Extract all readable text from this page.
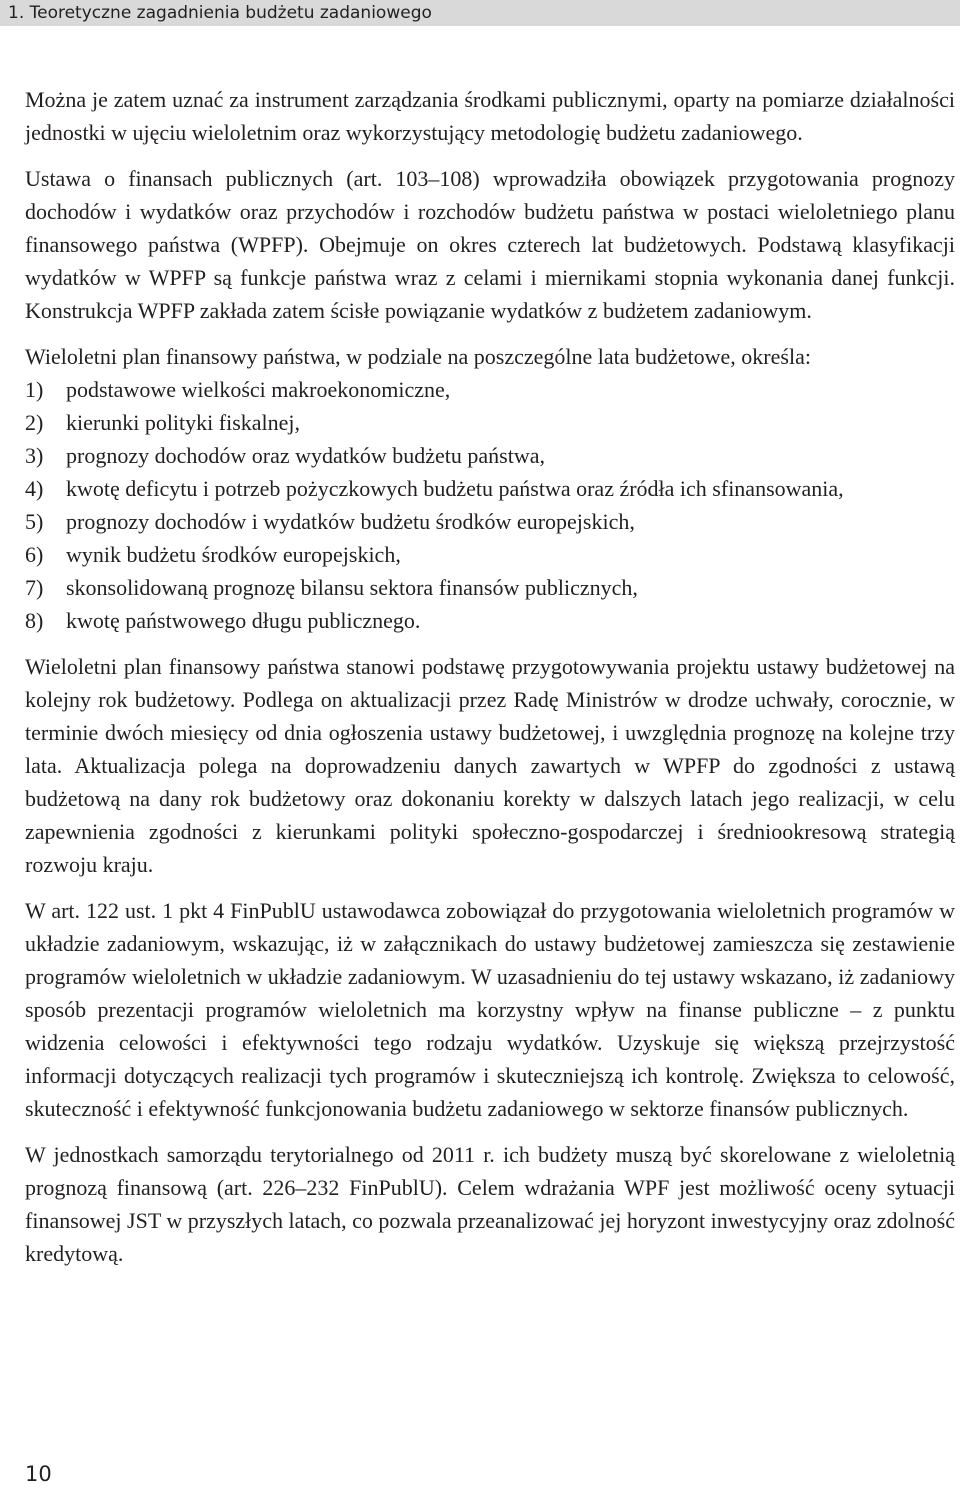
1. Teoretyczne zagadnienia budżetu zadaniowego

Można je zatem uznać za instrument zarządzania środkami publicznymi, oparty na pomiarze działalności jednostki w ujęciu wieloletnim oraz wykorzystujący metodologię budżetu zadaniowego.

Ustawa o finansach publicznych (art. 103–108) wprowadziła obowiązek przygotowania prognozy dochodów i wydatków oraz przychodów i rozchodów budżetu państwa w postaci wieloletniego planu finansowego państwa (WPFP). Obejmuje on okres czterech lat budżetowych. Podstawą klasyfikacji wydatków w WPFP są funkcje państwa wraz z celami i miernikami stopnia wykonania danej funkcji. Konstrukcja WPFP zakłada zatem ścisłe powiązanie wydatków z budżetem zadaniowym.

Wieloletni plan finansowy państwa, w podziale na poszczególne lata budżetowe, określa:

1) podstawowe wielkości makroekonomiczne,
2) kierunki polityki fiskalnej,
3) prognozy dochodów oraz wydatków budżetu państwa,
4) kwotę deficytu i potrzeb pożyczkowych budżetu państwa oraz źródła ich sfinansowania,
5) prognozy dochodów i wydatków budżetu środków europejskich,
6) wynik budżetu środków europejskich,
7) skonsolidowaną prognozę bilansu sektora finansów publicznych,
8) kwotę państwowego długu publicznego.

Wieloletni plan finansowy państwa stanowi podstawę przygotowywania projektu ustawy budżetowej na kolejny rok budżetowy. Podlega on aktualizacji przez Radę Ministrów w drodze uchwały, corocznie, w terminie dwóch miesięcy od dnia ogłoszenia ustawy budżetowej, i uwzględnia prognozę na kolejne trzy lata. Aktualizacja polega na doprowadzeniu danych zawartych w WPFP do zgodności z ustawą budżetową na dany rok budżetowy oraz dokonaniu korekty w dalszych latach jego realizacji, w celu zapewnienia zgodności z kierunkami polityki społeczno-gospodarczej i średniookresową strategią rozwoju kraju.

W art. 122 ust. 1 pkt 4 FinPublU ustawodawca zobowiązał do przygotowania wieloletnich programów w układzie zadaniowym, wskazując, iż w załącznikach do ustawy budżetowej zamieszcza się zestawienie programów wieloletnich w układzie zadaniowym. W uzasadnieniu do tej ustawy wskazano, iż zadaniowy sposób prezentacji programów wieloletnich ma korzystny wpływ na finanse publiczne – z punktu widzenia celowości i efektywności tego rodzaju wydatków. Uzyskuje się większą przejrzystość informacji dotyczących realizacji tych programów i skuteczniejszą ich kontrolę. Zwiększa to celowość, skuteczność i efektywność funkcjonowania budżetu zadaniowego w sektorze finansów publicznych.

W jednostkach samorządu terytorialnego od 2011 r. ich budżety muszą być skorelowane z wieloletnią prognozą finansową (art. 226–232 FinPublU). Celem wdrażania WPF jest możliwość oceny sytuacji finansowej JST w przyszłych latach, co pozwala przeanalizować jej horyzont inwestycyjny oraz zdolność kredytową.

10
